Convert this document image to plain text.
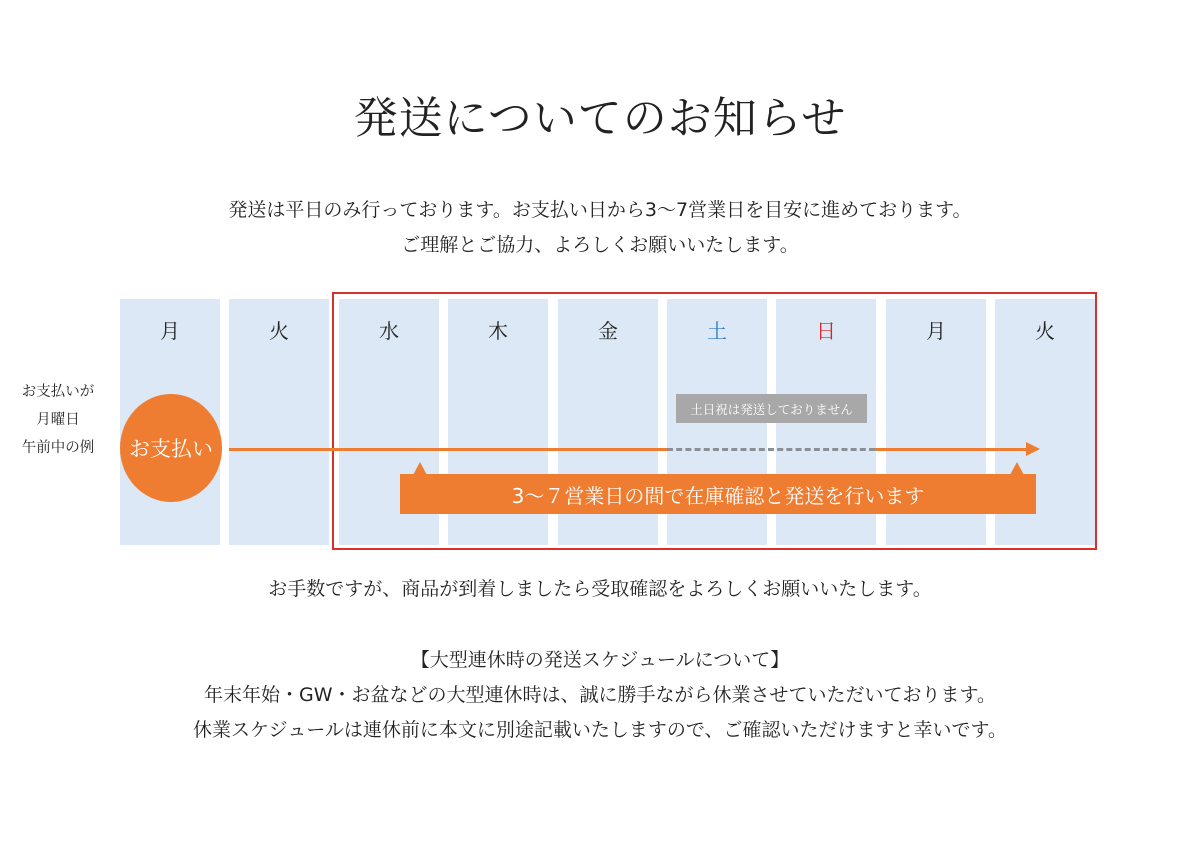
発送についてのお知らせ
発送は平日のみ行っております。お支払い日から3〜7営業日を目安に進めております。
ご理解とご協力、よろしくお願いいたします。
月	火	水	木	金	土	日	月	火
お支払いが
月曜日
午前中の例	お支払い
土日祝は発送しておりません
3〜７営業日の間で在庫確認と発送を行います
お手数ですが、商品が到着しましたら受取確認をよろしくお願いいたします。
【大型連休時の発送スケジュールについて】
年末年始・GW・お盆などの大型連休時は、誠に勝手ながら休業させていただいております。
休業スケジュールは連休前に本文に別途記載いたしますので、ご確認いただけますと幸いです。
